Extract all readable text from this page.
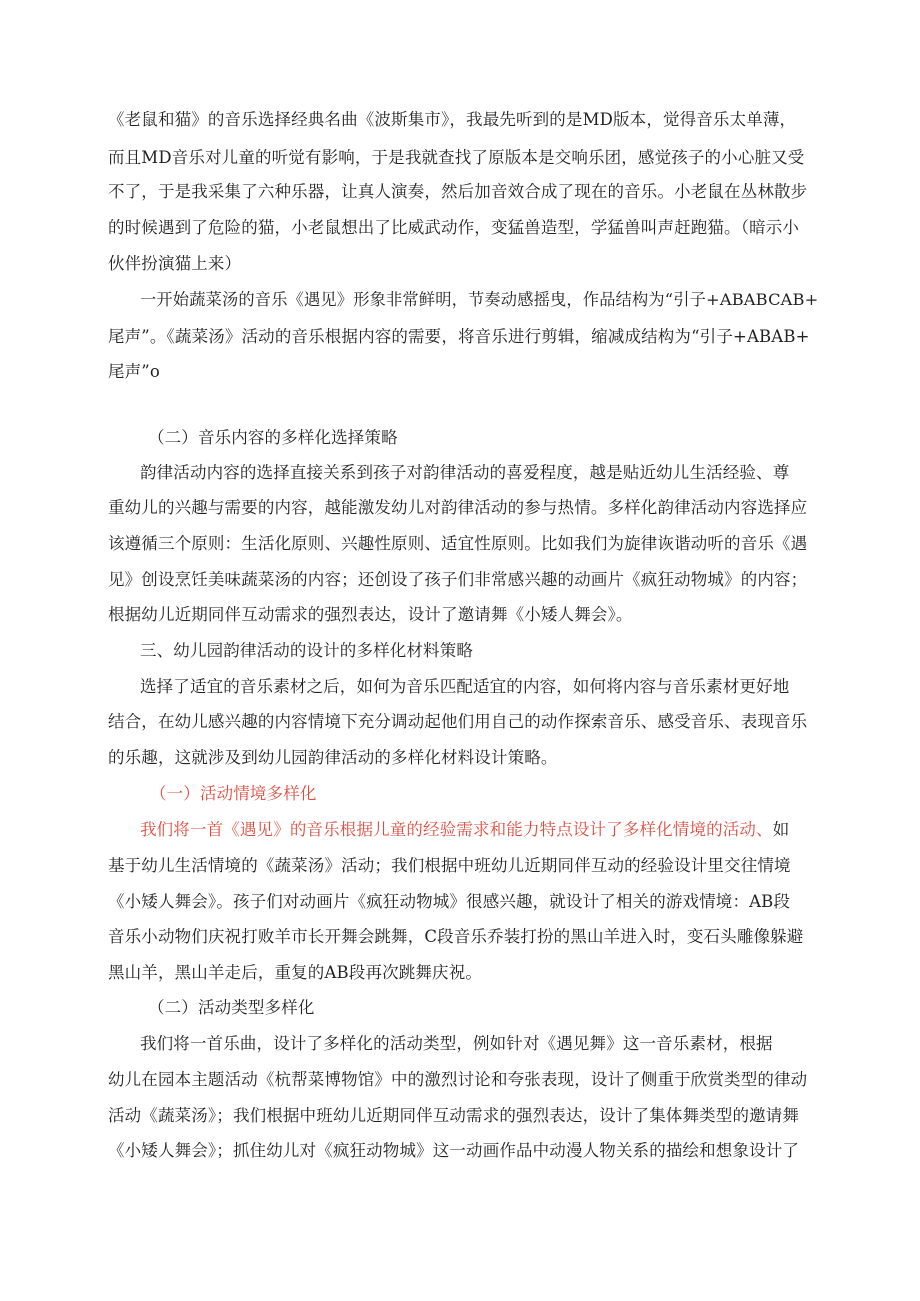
《老鼠和猫》的音乐选择经典名曲《波斯集市》，我最先听到的是MD版本，觉得音乐太单薄，

而且MD音乐对儿童的听觉有影响，于是我就查找了原版本是交响乐团，感觉孩子的小心脏又受

不了，于是我采集了六种乐器，让真人演奏，然后加音效合成了现在的音乐。小老鼠在丛林散步

的时候遇到了危险的猫，小老鼠想出了比威武动作，变猛兽造型，学猛兽叫声赶跑猫。（暗示小

伙伴扮演猫上来）

一开始蔬菜汤的音乐《遇见》形象非常鲜明，节奏动感摇曳，作品结构为“引子+ABABCAB+

尾声”。《蔬菜汤》活动的音乐根据内容的需要，将音乐进行剪辑，缩减成结构为“引子+ABAB+

尾声”o

（二）音乐内容的多样化选择策略

韵律活动内容的选择直接关系到孩子对韵律活动的喜爱程度，越是贴近幼儿生活经验、尊

重幼儿的兴趣与需要的内容，越能激发幼儿对韵律活动的参与热情。多样化韵律活动内容选择应

该遵循三个原则：生活化原则、兴趣性原则、适宜性原则。比如我们为旋律诙谐动听的音乐《遇

见》创设烹饪美味蔬菜汤的内容；还创设了孩子们非常感兴趣的动画片《疯狂动物城》的内容；

根据幼儿近期同伴互动需求的强烈表达，设计了邀请舞《小矮人舞会》。

三、幼儿园韵律活动的设计的多样化材料策略

选择了适宜的音乐素材之后，如何为音乐匹配适宜的内容，如何将内容与音乐素材更好地

结合，在幼儿感兴趣的内容情境下充分调动起他们用自己的动作探索音乐、感受音乐、表现音乐

的乐趣，这就涉及到幼儿园韵律活动的多样化材料设计策略。

（一）活动情境多样化

我们将一首《遇见》的音乐根据儿童的经验需求和能力特点设计了多样化情境的活动、如

基于幼儿生活情境的《蔬菜汤》活动；我们根据中班幼儿近期同伴互动的经验设计里交往情境

《小矮人舞会》。孩子们对动画片《疯狂动物城》很感兴趣，就设计了相关的游戏情境：AB段

音乐小动物们庆祝打败羊市长开舞会跳舞，C段音乐乔装打扮的黑山羊进入时，变石头雕像躲避

黑山羊，黑山羊走后，重复的AB段再次跳舞庆祝。

（二）活动类型多样化

我们将一首乐曲，设计了多样化的活动类型，例如针对《遇见舞》这一音乐素材，根据

幼儿在园本主题活动《杭帮菜博物馆》中的激烈讨论和夸张表现，设计了侧重于欣赏类型的律动

活动《蔬菜汤》；我们根据中班幼儿近期同伴互动需求的强烈表达，设计了集体舞类型的邀请舞

《小矮人舞会》；抓住幼儿对《疯狂动物城》这一动画作品中动漫人物关系的描绘和想象设计了
